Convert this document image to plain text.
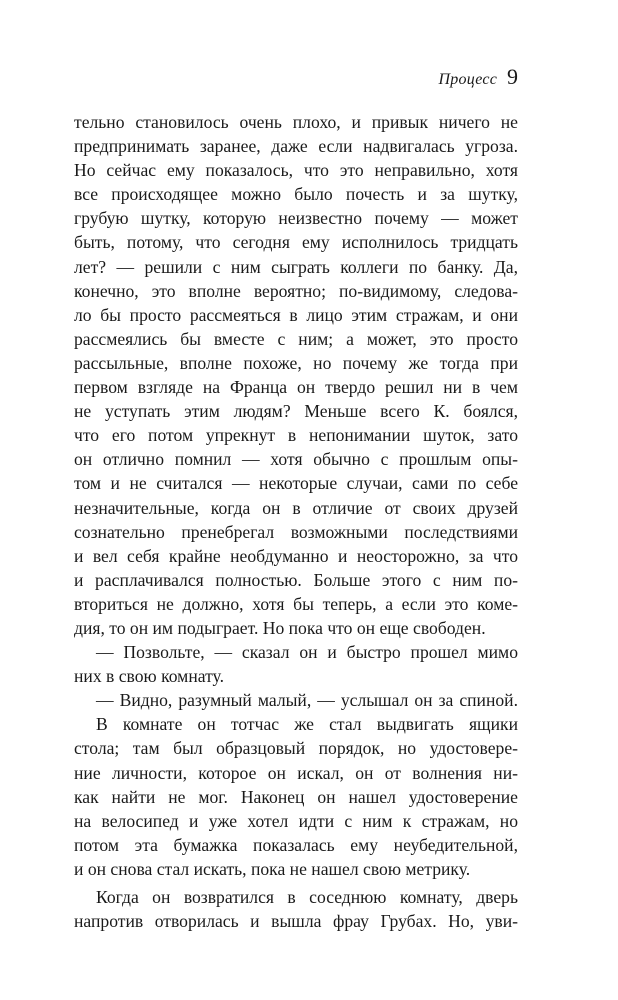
Процесс 9
тельно становилось очень плохо, и привык ничего не
предпринимать заранее, даже если надвигалась угроза.
Но сейчас ему показалось, что это неправильно, хотя
все происходящее можно было почесть и за шутку,
грубую шутку, которую неизвестно почему — может
быть, потому, что сегодня ему исполнилось тридцать
лет? — решили с ним сыграть коллеги по банку. Да,
конечно, это вполне вероятно; по-видимому, следова-
ло бы просто рассмеяться в лицо этим стражам, и они
рассмеялись бы вместе с ним; а может, это просто
рассыльные, вполне похоже, но почему же тогда при
первом взгляде на Франца он твердо решил ни в чем
не уступать этим людям? Меньше всего К. боялся,
что его потом упрекнут в непонимании шуток, зато
он отлично помнил — хотя обычно с прошлым опы-
том и не считался — некоторые случаи, сами по себе
незначительные, когда он в отличие от своих друзей
сознательно пренебрегал возможными последствиями
и вел себя крайне необдуманно и неосторожно, за что
и расплачивался полностью. Больше этого с ним по-
вториться не должно, хотя бы теперь, а если это коме-
дия, то он им подыграет. Но пока что он еще свободен.
— Позвольте, — сказал он и быстро прошел мимо
них в свою комнату.
— Видно, разумный малый, — услышал он за спиной.
В комнате он тотчас же стал выдвигать ящики
стола; там был образцовый порядок, но удостовере-
ние личности, которое он искал, он от волнения ни-
как найти не мог. Наконец он нашел удостоверение
на велосипед и уже хотел идти с ним к стражам, но
потом эта бумажка показалась ему неубедительной,
и он снова стал искать, пока не нашел свою метрику.
Когда он возвратился в соседнюю комнату, дверь
напротив отворилась и вышла фрау Грубах. Но, уви-
